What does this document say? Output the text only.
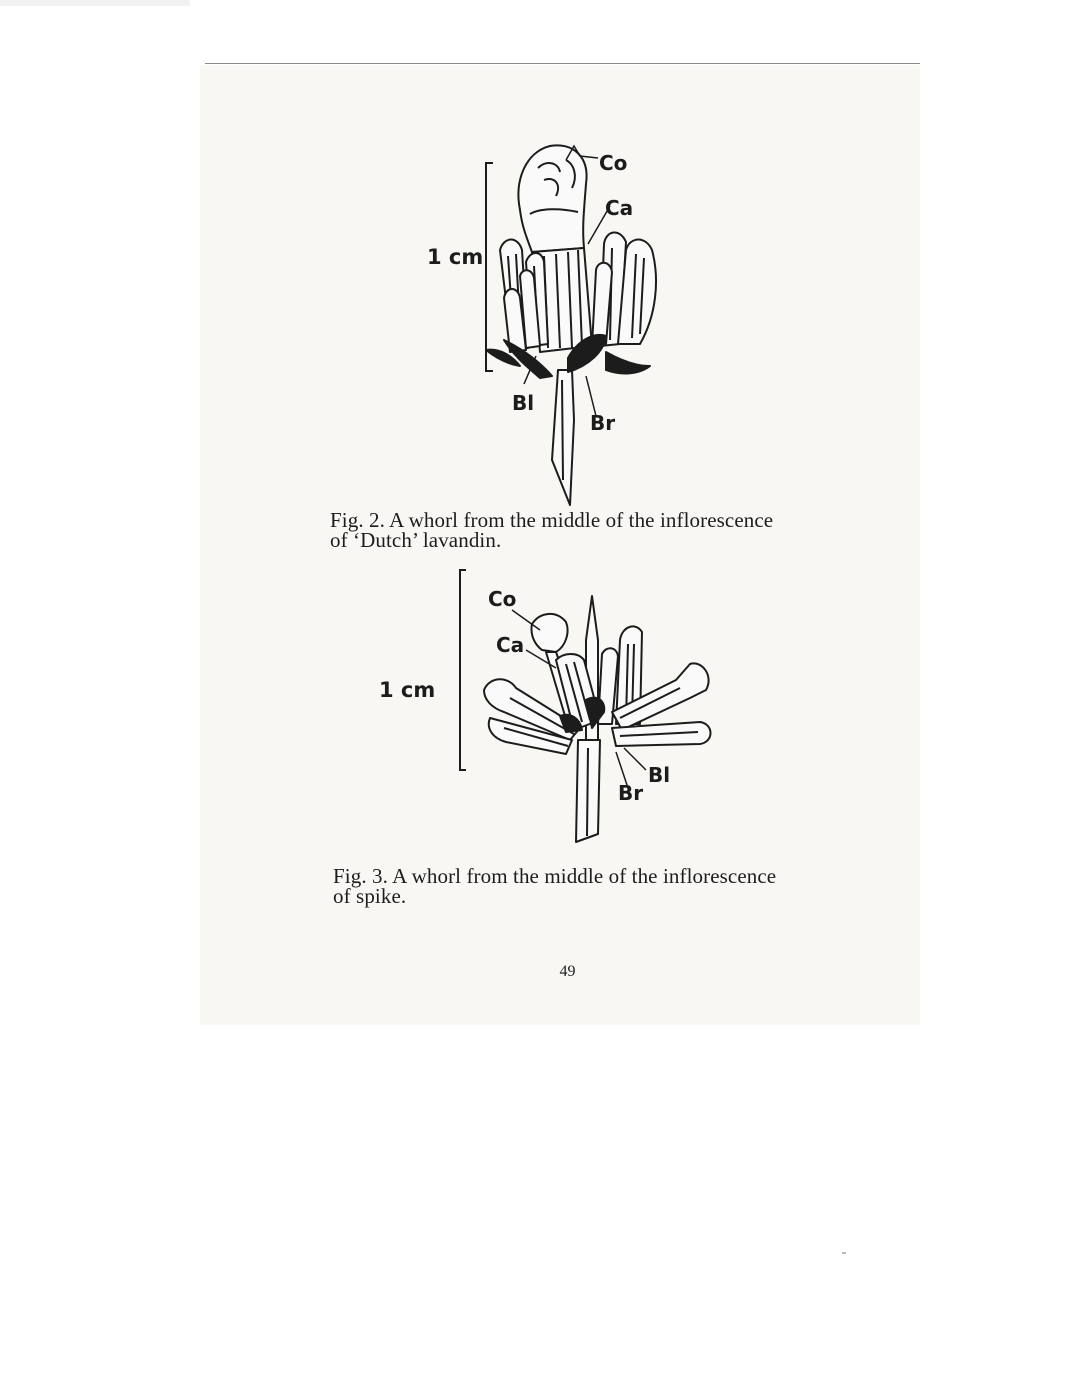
1 cm
Co
Ca
Bl
Br

Fig. 2. A whorl from the middle of the inflorescence

of ‘Dutch’ lavandin.

1 cm
Co
Ca
Bl
Br

Fig. 3. A whorl from the middle of the inflorescence

of spike.

49
